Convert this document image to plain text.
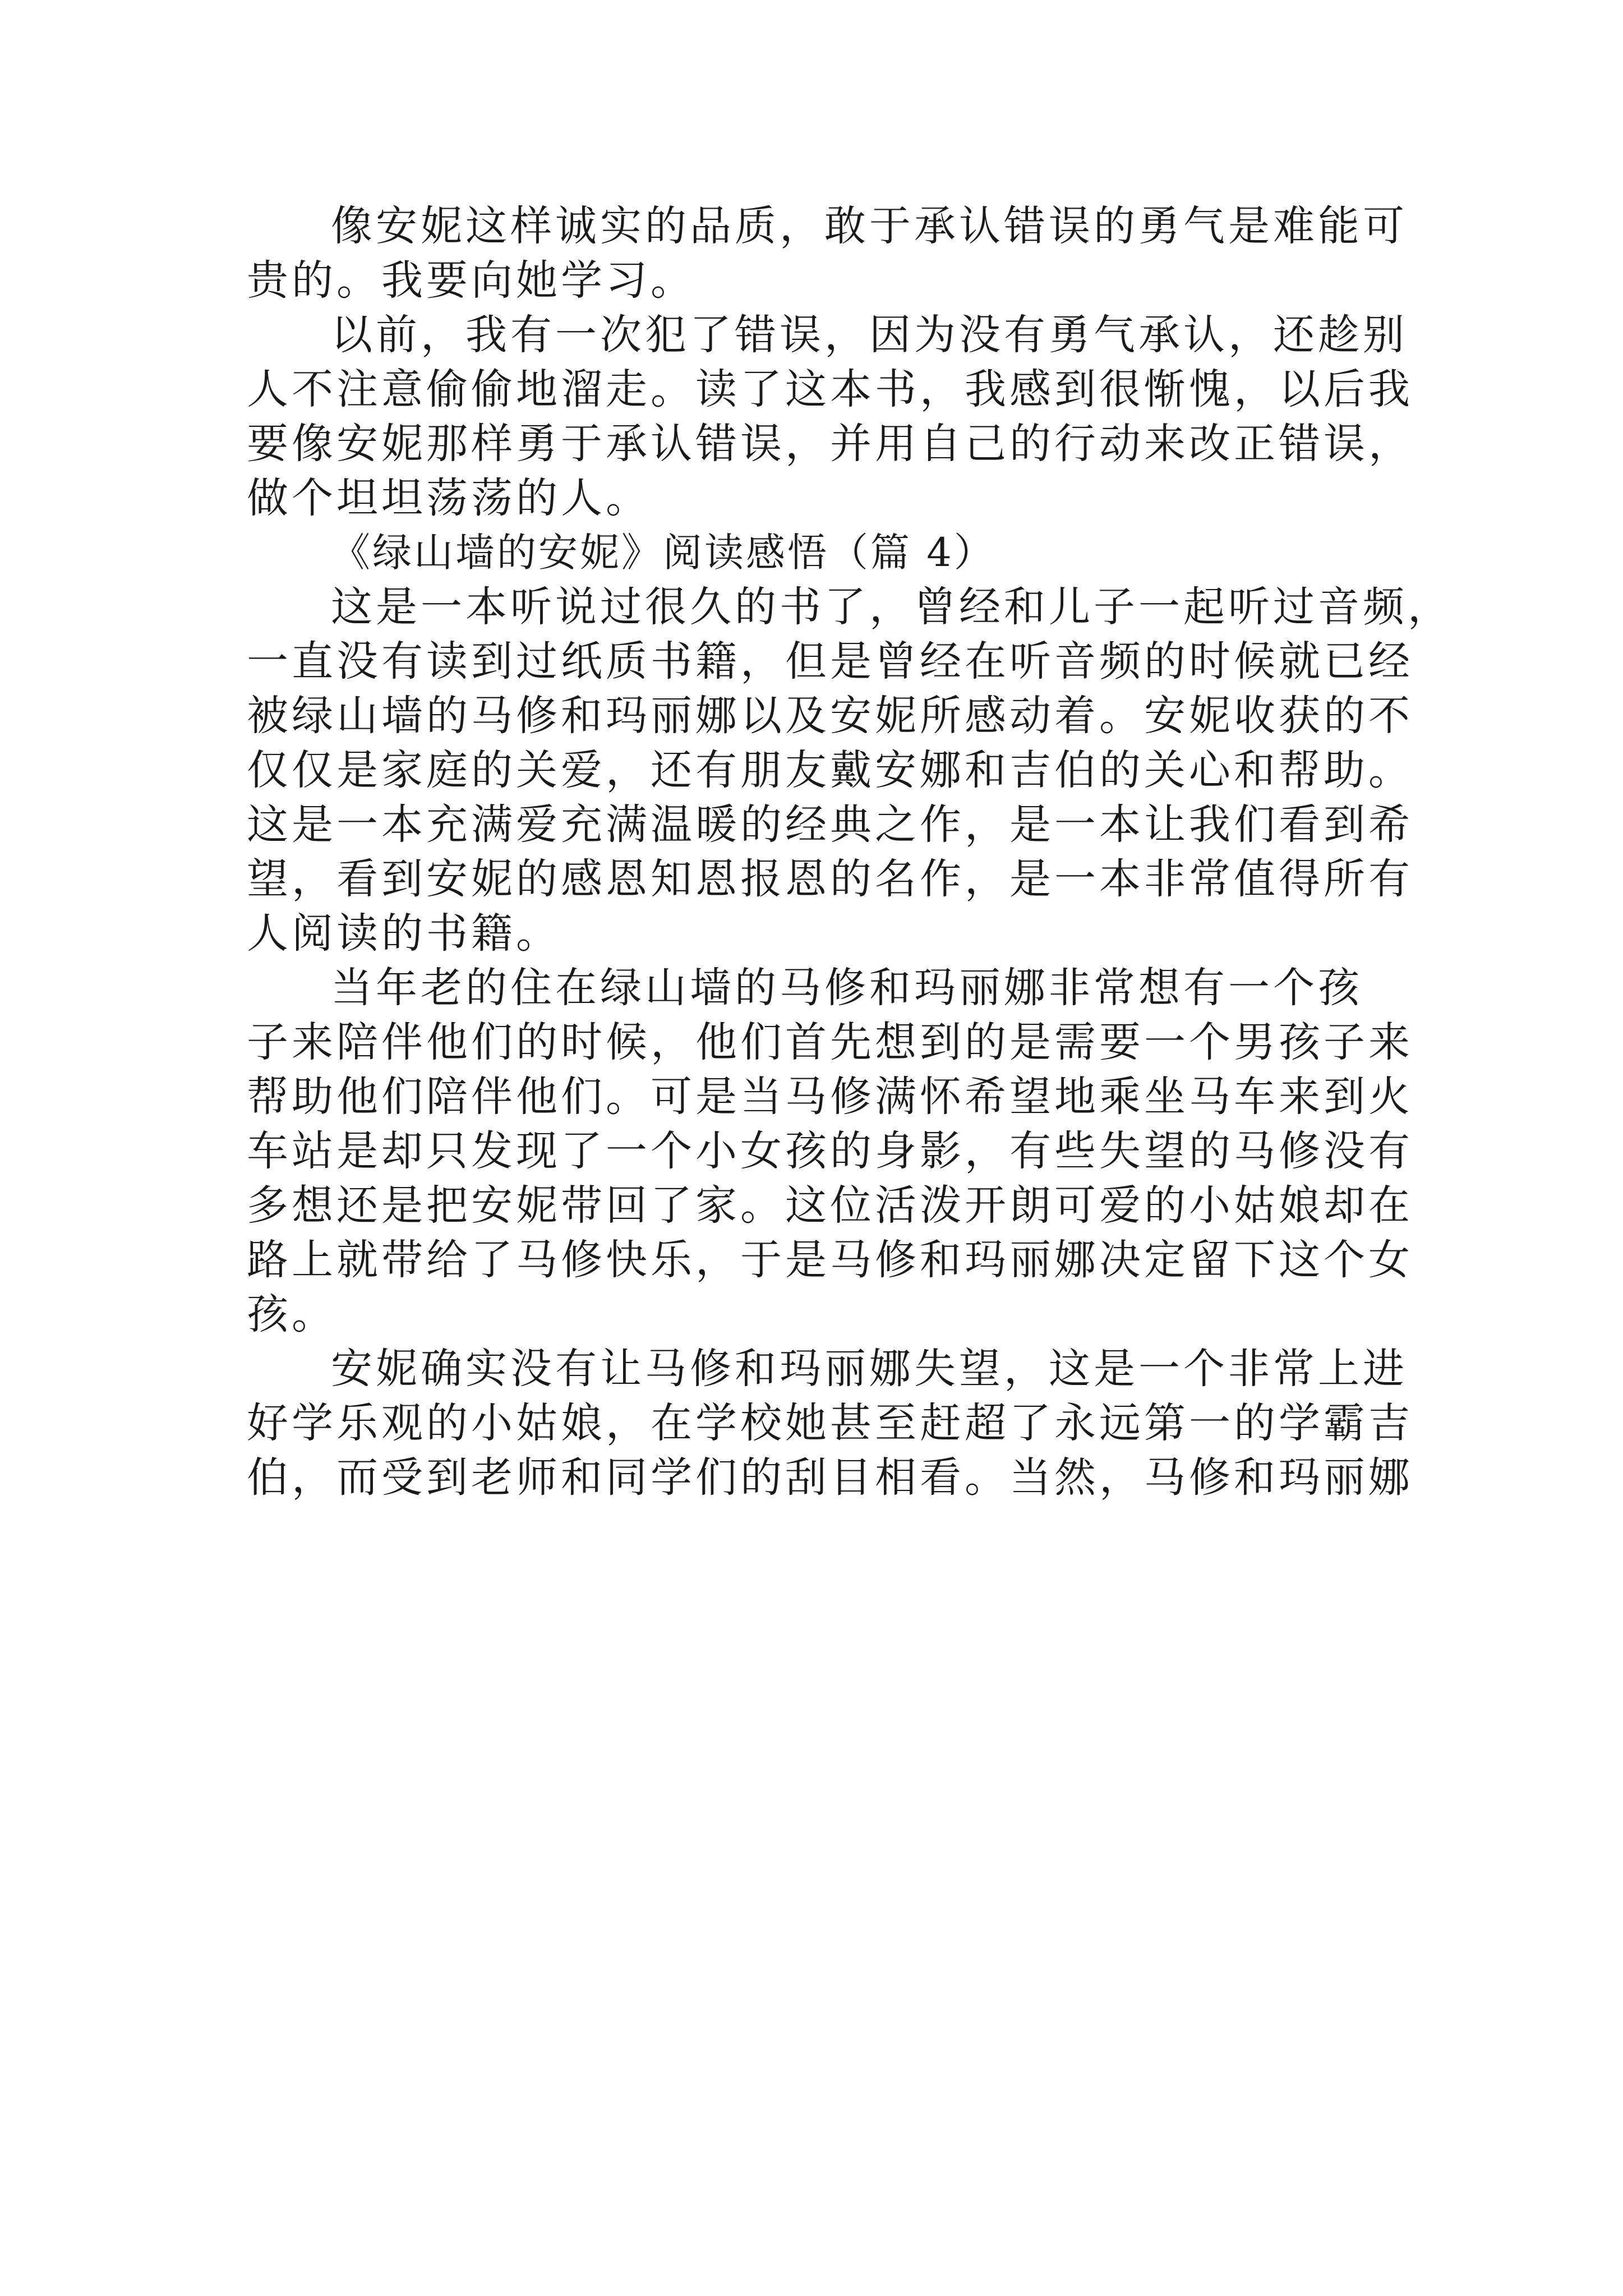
像安妮这样诚实的品质，敢于承认错误的勇气是难能可
贵的。我要向她学习。
以前，我有一次犯了错误，因为没有勇气承认，还趁别
人不注意偷偷地溜走。读了这本书，我感到很惭愧，以后我
要像安妮那样勇于承认错误，并用自己的行动来改正错误，
做个坦坦荡荡的人。
《绿山墙的安妮》阅读感悟（篇 4）
这是一本听说过很久的书了，曾经和儿子一起听过音频，
一直没有读到过纸质书籍，但是曾经在听音频的时候就已经
被绿山墙的马修和玛丽娜以及安妮所感动着。安妮收获的不
仅仅是家庭的关爱，还有朋友戴安娜和吉伯的关心和帮助。
这是一本充满爱充满温暖的经典之作，是一本让我们看到希
望，看到安妮的感恩知恩报恩的名作，是一本非常值得所有
人阅读的书籍。
当年老的住在绿山墙的马修和玛丽娜非常想有一个孩
子来陪伴他们的时候，他们首先想到的是需要一个男孩子来
帮助他们陪伴他们。可是当马修满怀希望地乘坐马车来到火
车站是却只发现了一个小女孩的身影，有些失望的马修没有
多想还是把安妮带回了家。这位活泼开朗可爱的小姑娘却在
路上就带给了马修快乐，于是马修和玛丽娜决定留下这个女
孩。
安妮确实没有让马修和玛丽娜失望，这是一个非常上进
好学乐观的小姑娘，在学校她甚至赶超了永远第一的学霸吉
伯，而受到老师和同学们的刮目相看。当然，马修和玛丽娜
